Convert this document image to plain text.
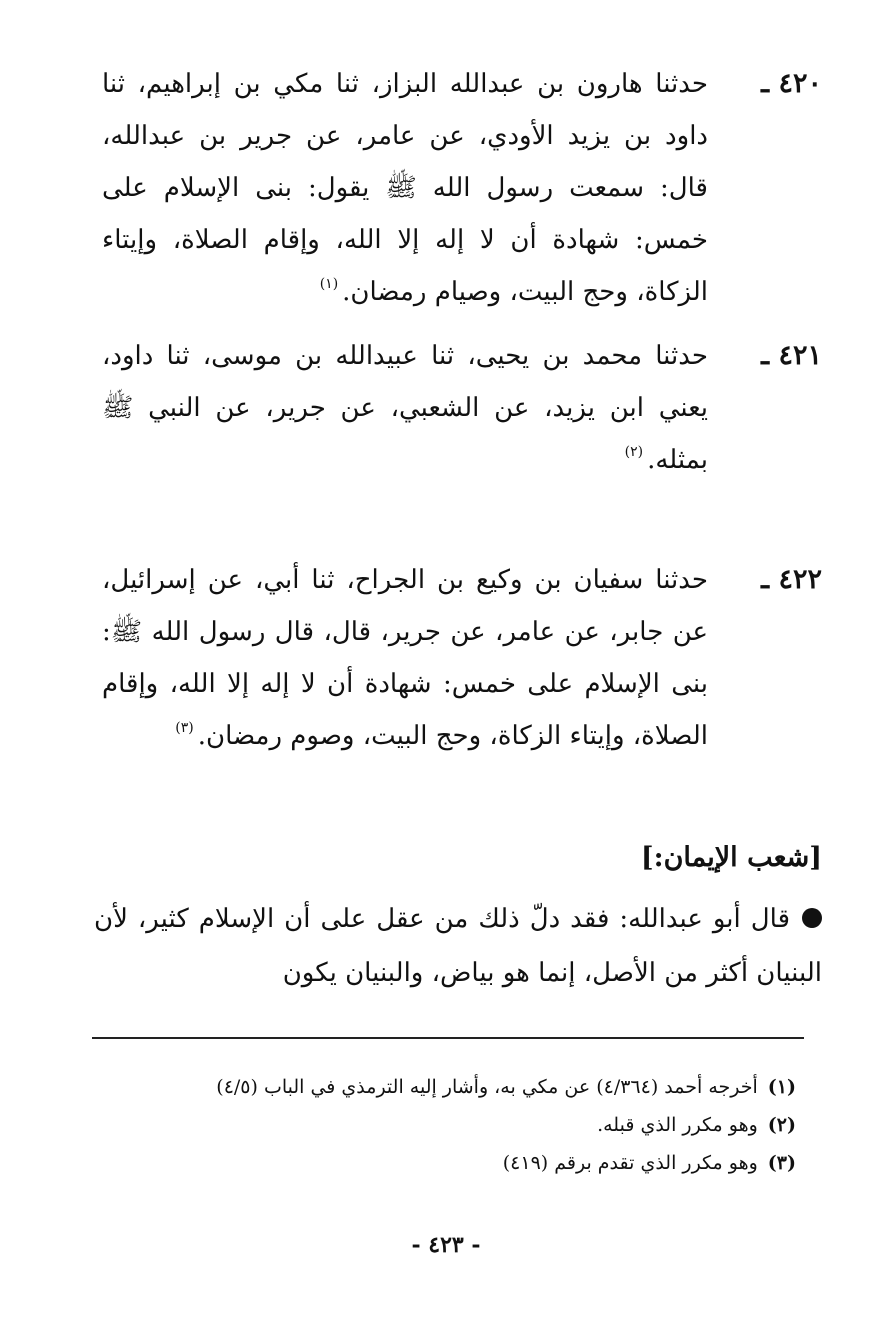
٤٢٠ ـ
حدثنا هارون بن عبدالله البزاز، ثنا مكي بن إبراهيم، ثنا داود بن يزيد الأودي، عن عامر، عن جرير بن عبدالله، قال: سمعت رسول الله ﷺ يقول: بنى الإسلام على خمس: شهادة أن لا إله إلا الله، وإقام الصلاة، وإيتاء الزكاة، وحج البيت، وصيام رمضان.$^{(١)}$
٤٢١ ـ
حدثنا محمد بن يحيى، ثنا عبيدالله بن موسى، ثنا داود، يعني ابن يزيد، عن الشعبي، عن جرير، عن النبي ﷺ بمثله.$^{(٢)}$
٤٢٢ ـ
حدثنا سفيان بن وكيع بن الجراح، ثنا أبي، عن إسرائيل، عن جابر، عن عامر، عن جرير، قال، قال رسول الله ﷺ: بنى الإسلام على خمس: شهادة أن لا إله إلا الله، وإقام الصلاة، وإيتاء الزكاة، وحج البيت، وصوم رمضان.$^{(٣)}$
[شعب الإيمان:]
قال أبو عبدالله: فقد دلّ ذلك من عقل على أن الإسلام كثير، لأن البنيان أكثر من الأصل، إنما هو بياض، والبنيان يكون
(١)أخرجه أحمد (٤/٣٦٤) عن مكي به، وأشار إليه الترمذي في الباب (٤/٥)
(٢)وهو مكرر الذي قبله.
(٣)وهو مكرر الذي تقدم برقم (٤١٩)
- ٤٢٣ -
